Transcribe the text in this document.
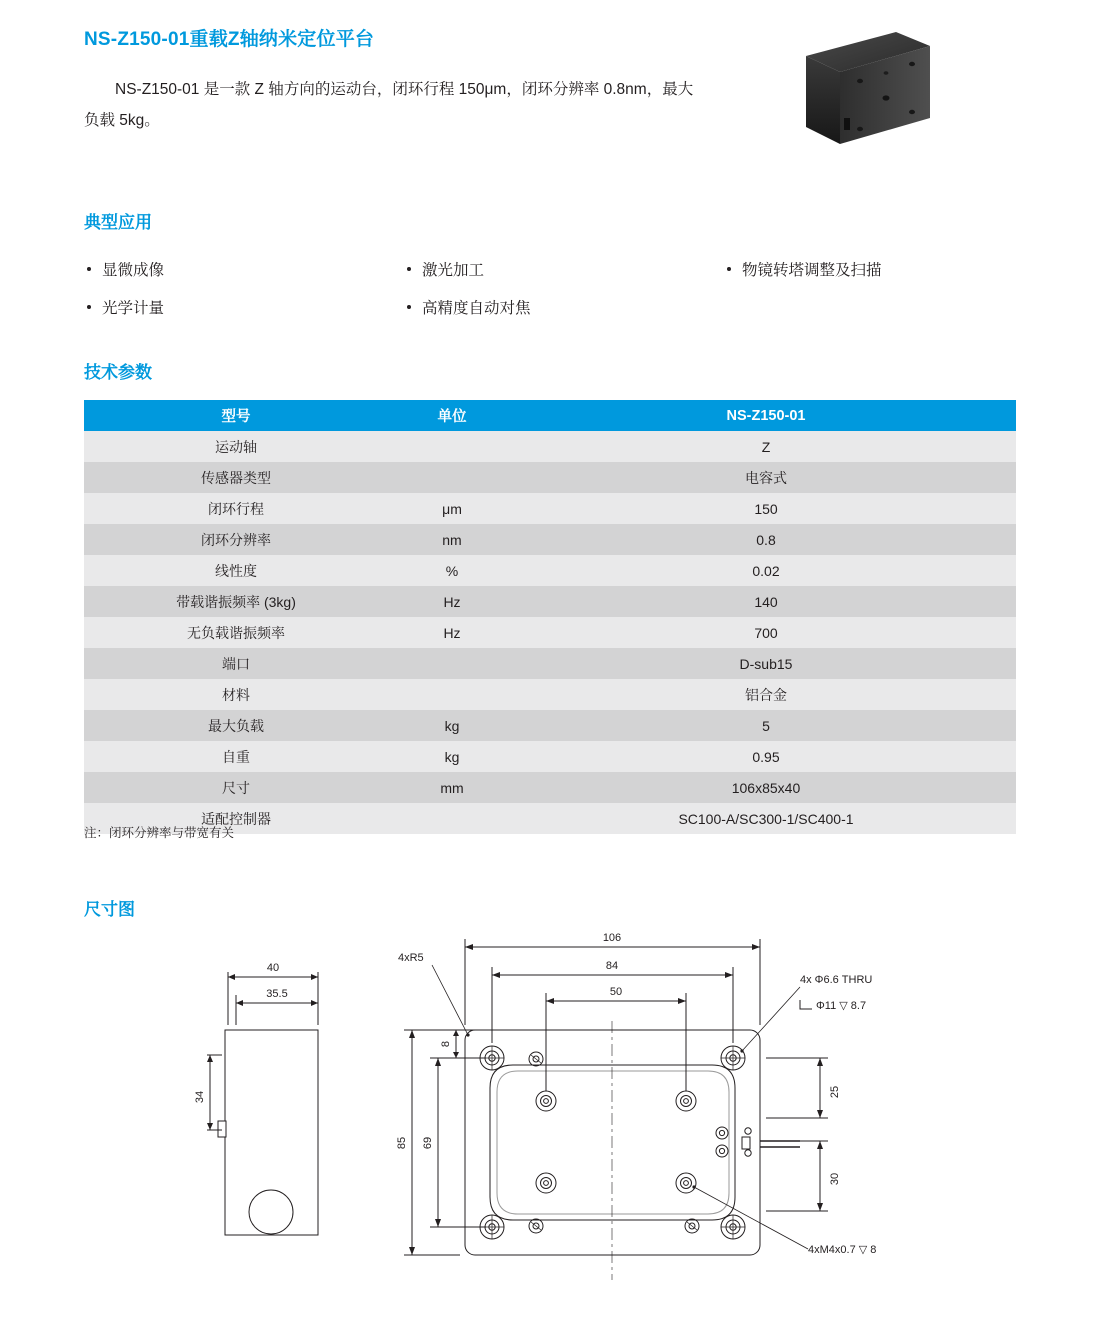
NS-Z150-01重载Z轴纳米定位平台
NS-Z150-01 是一款 Z 轴方向的运动台，闭环行程 150μm，闭环分辨率 0.8nm，最大负载 5kg。
典型应用
显微成像	激光加工	物镜转塔调整及扫描
光学计量	高精度自动对焦
技术参数
型号	单位	NS-Z150-01
运动轴		Z
传感器类型		电容式
闭环行程	μm	150
闭环分辨率	nm	0.8
线性度	%	0.02
带载谐振频率 (3kg)	Hz	140
无负载谐振频率	Hz	700
端口		D-sub15
材料		铝合金
最大负载	kg	5
自重	kg	0.95
尺寸	mm	106x85x40
适配控制器		SC100-A/SC300-1/SC400-1
注：闭环分辨率与带宽有关
尺寸图
40
35.5
34
106
84
50
85 69
8
25
30
4xR5
4x Φ6.6 THRU
Φ11 ▽ 8.7
4xM4x0.7 ▽ 8
